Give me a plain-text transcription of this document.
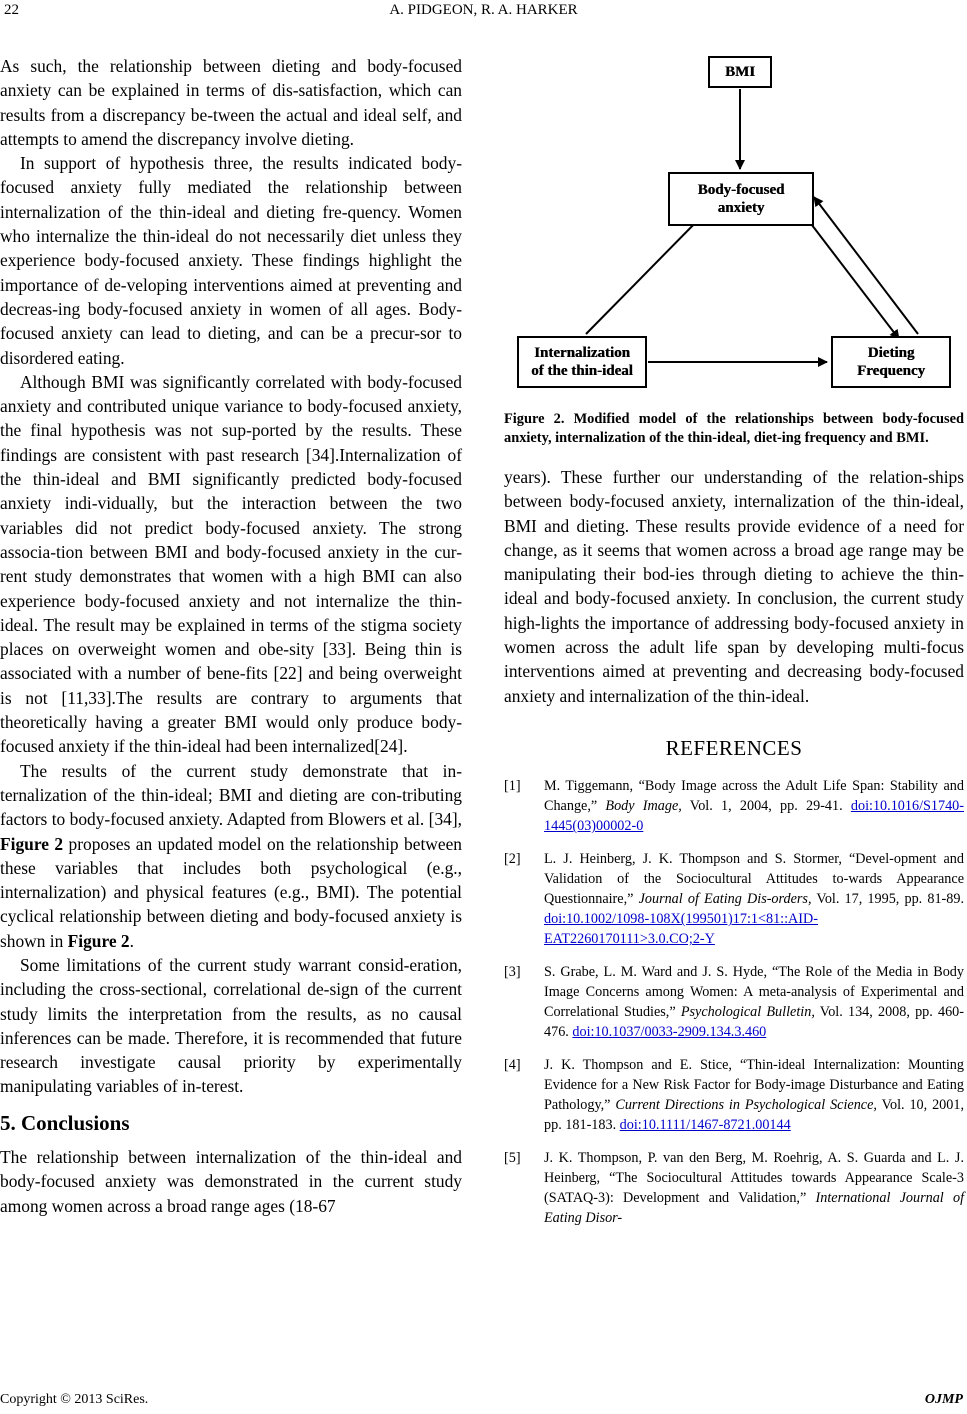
22	A. PIDGEON, R. A. HARKER

As such, the relationship between dieting and body-focused anxiety can be explained in terms of dis-satisfaction, which can results from a discrepancy be-tween the actual and ideal self, and attempts to amend the discrepancy involve dieting.

In support of hypothesis three, the results indicated body-focused anxiety fully mediated the relationship between internalization of the thin-ideal and dieting fre-quency. Women who internalize the thin-ideal do not necessarily diet unless they experience body-focused anxiety. These findings highlight the importance of de-veloping interventions aimed at preventing and decreas-ing body-focused anxiety in women of all ages. Body-focused anxiety can lead to dieting, and can be a precur-sor to disordered eating.

Although BMI was significantly correlated with body-focused anxiety and contributed unique variance to body-focused anxiety, the final hypothesis was not sup-ported by the results. These findings are consistent with past research [34].Internalization of the thin-ideal and BMI significantly predicted body-focused anxiety indi-vidually, but the interaction between the two variables did not predict body-focused anxiety. The strong associa-tion between BMI and body-focused anxiety in the cur-rent study demonstrates that women with a high BMI can also experience body-focused anxiety and not internalize the thin-ideal. The result may be explained in terms of the stigma society places on overweight women and obe-sity [33]. Being thin is associated with a number of bene-fits [22] and being overweight is not [11,33].The results are contrary to arguments that theoretically having a greater BMI would only produce body-focused anxiety if the thin-ideal had been internalized[24].

The results of the current study demonstrate that in-ternalization of the thin-ideal; BMI and dieting are con-tributing factors to body-focused anxiety. Adapted from Blowers et al. [34], Figure 2 proposes an updated model on the relationship between these variables that includes both psychological (e.g., internalization) and physical features (e.g., BMI). The potential cyclical relationship between dieting and body-focused anxiety is shown in Figure 2.

Some limitations of the current study warrant consid-eration, including the cross-sectional, correlational de-sign of the current study limits the interpretation from the results, as no causal inferences can be made. Therefore, it is recommended that future research investigate causal priority by experimentally manipulating variables of in-terest.

5. Conclusions

The relationship between internalization of the thin-ideal and body-focused anxiety was demonstrated in the current study among women across a broad range ages (18-67

BMI
Body-focused
anxiety
Internalization
of the thin-ideal
Dieting
Frequency
Figure 2. Modified model of the relationships between body-focused anxiety, internalization of the thin-ideal, diet-ing frequency and BMI.

years). These further our understanding of the relation-ships between body-focused anxiety, internalization of the thin-ideal, BMI and dieting. These results provide evidence of a need for change, as it seems that women across a broad age range may be manipulating their bod-ies through dieting to achieve the thin-ideal and body-focused anxiety. In conclusion, the current study high-lights the importance of addressing body-focused anxiety in women across the adult life span by developing multi-focus interventions aimed at preventing and decreasing body-focused anxiety and internalization of the thin-ideal.

REFERENCES
[1] M. Tiggemann, “Body Image across the Adult Life Span: Stability and Change,” Body Image, Vol. 1, 2004, pp. 29-41. doi:10.1016/S1740-1445(03)00002-0
[2] L. J. Heinberg, J. K. Thompson and S. Stormer, “Devel-opment and Validation of the Sociocultural Attitudes to-wards Appearance Questionnaire,” Journal of Eating Dis-orders, Vol. 17, 1995, pp. 81-89. doi:10.1002/1098-108X(199501)17:1<81::AID-EAT2260170111>3.0.CO;2-Y
[3] S. Grabe, L. M. Ward and J. S. Hyde, “The Role of the Media in Body Image Concerns among Women: A meta-analysis of Experimental and Correlational Studies,” Psychological Bulletin, Vol. 134, 2008, pp. 460-476. doi:10.1037/0033-2909.134.3.460
[4] J. K. Thompson and E. Stice, “Thin-ideal Internalization: Mounting Evidence for a New Risk Factor for Body-image Disturbance and Eating Pathology,” Current Directions in Psychological Science, Vol. 10, 2001, pp. 181-183. doi:10.1111/1467-8721.00144
[5] J. K. Thompson, P. van den Berg, M. Roehrig, A. S. Guarda and L. J. Heinberg, “The Sociocultural Attitudes towards Appearance Scale-3 (SATAQ-3): Development and Validation,” International Journal of Eating Disor-
Copyright © 2013 SciRes.	OJMP
